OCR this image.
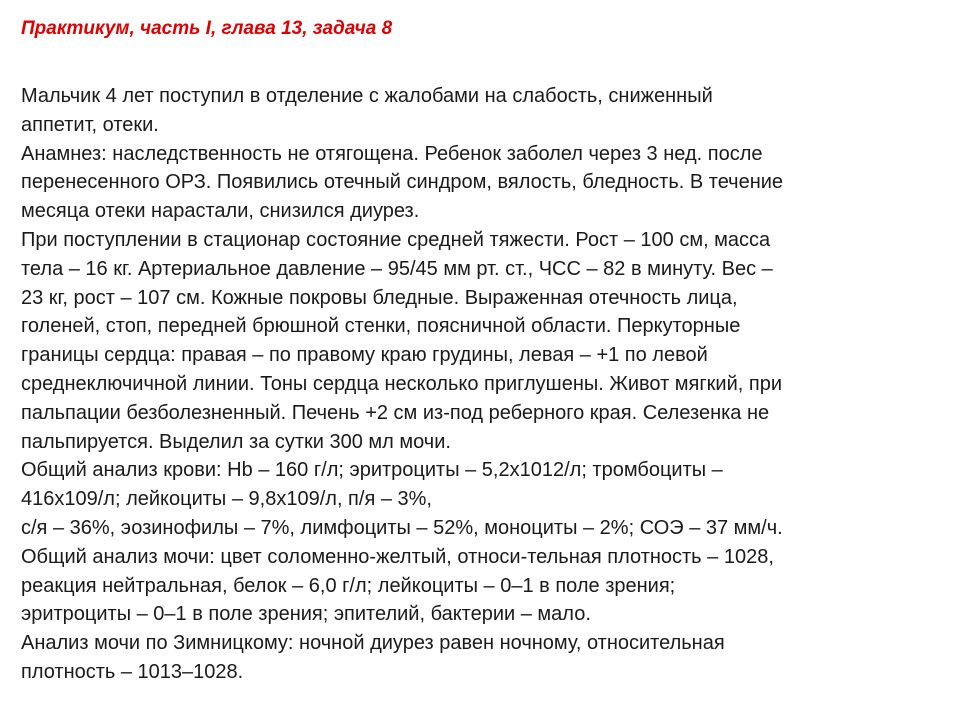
Практикум, часть I, глава 13, задача 8
Мальчик 4 лет поступил в отделение с жалобами на слабость, сниженный
аппетит, отеки.
Анамнез: наследственность не отягощена. Ребенок заболел через 3 нед. после
перенесенного ОРЗ. Появились отечный синдром, вялость, бледность. В течение
месяца отеки нарастали, снизился диурез.
При поступлении в стационар состояние средней тяжести. Рост – 100 см, масса
тела – 16 кг. Артериальное давление – 95/45 мм рт. ст., ЧСС – 82 в минуту. Вес –
23 кг, рост – 107 см. Кожные покровы бледные. Выраженная отечность лица,
голеней, стоп, передней брюшной стенки, поясничной области. Перкуторные
границы сердца: правая – по правому краю грудины, левая – +1 по левой
среднеключичной линии. Тоны сердца несколько приглушены. Живот мягкий, при
пальпации безболезненный. Печень +2 см из-под реберного края. Селезенка не
пальпируется. Выделил за сутки 300 мл мочи.
Общий анализ крови: Hb – 160 г/л; эритроциты – 5,2х1012/л; тромбоциты –
416х109/л; лейкоциты – 9,8х109/л, п/я – 3%,
с/я – 36%, эозинофилы – 7%, лимфоциты – 52%, моноциты – 2%; СОЭ – 37 мм/ч.
Общий анализ мочи: цвет соломенно-желтый, относи-тельная плотность – 1028,
реакция нейтральная, белок – 6,0 г/л; лейкоциты – 0–1 в поле зрения;
эритроциты – 0–1 в поле зрения; эпителий, бактерии – мало.
Анализ мочи по Зимницкому: ночной диурез равен ночному, относительная
плотность – 1013–1028.
